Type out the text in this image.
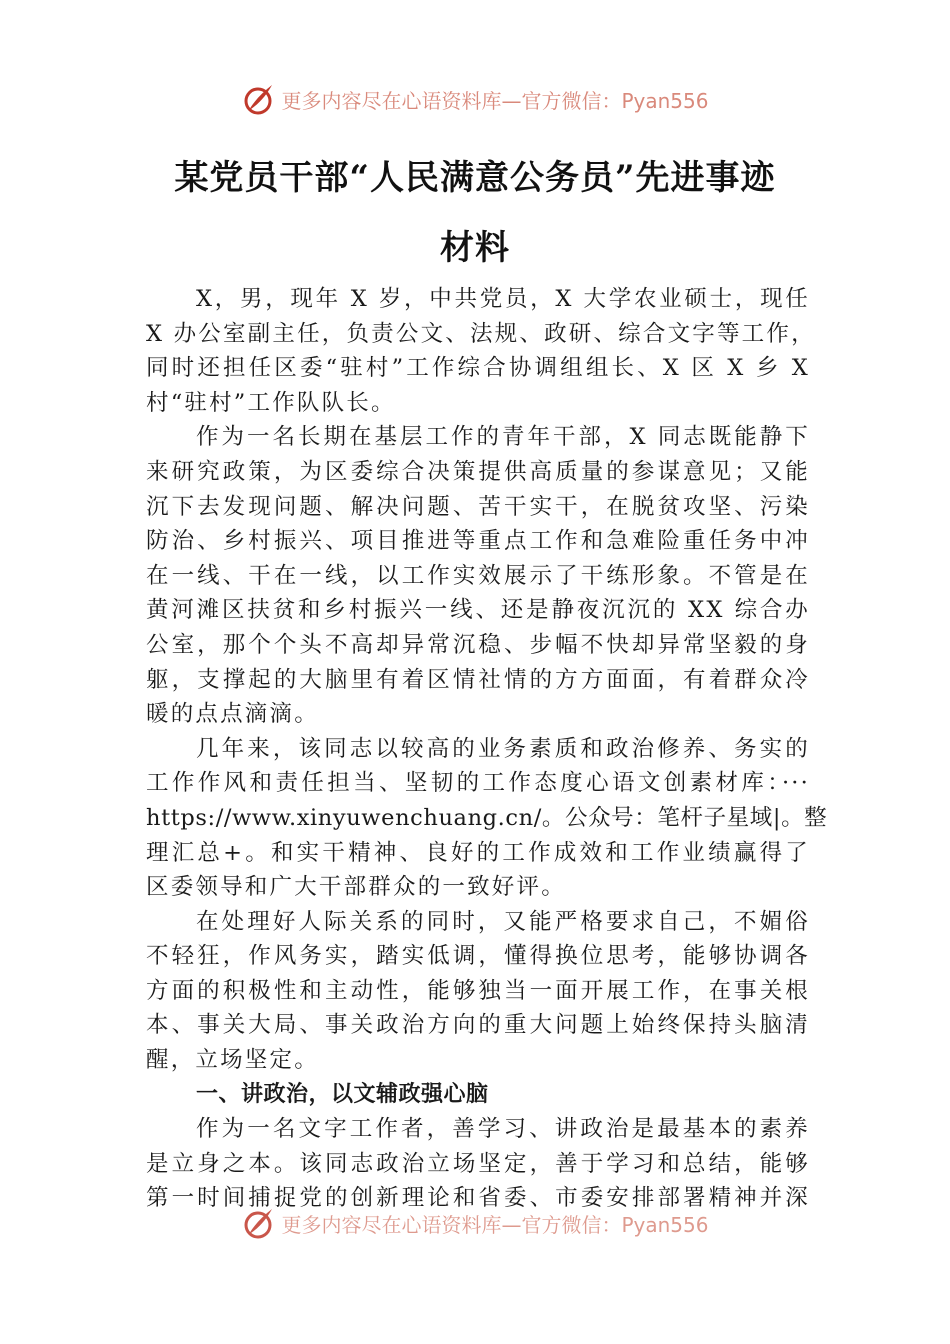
更多内容尽在心语资料库—官方微信：Pyan556
某党员干部“人民满意公务员”先进事迹
材料
X，男，现年 X 岁，中共党员，X 大学农业硕士，现任
X 办公室副主任，负责公文、法规、政研、综合文字等工作，
同时还担任区委“驻村”工作综合协调组组长、X 区 X 乡 X
村“驻村”工作队队长。
作为一名长期在基层工作的青年干部，X 同志既能静下
来研究政策，为区委综合决策提供高质量的参谋意见；又能
沉下去发现问题、解决问题、苦干实干，在脱贫攻坚、污染
防治、乡村振兴、项目推进等重点工作和急难险重任务中冲
在一线、干在一线，以工作实效展示了干练形象。不管是在
黄河滩区扶贫和乡村振兴一线、还是静夜沉沉的 XX 综合办
公室，那个个头不高却异常沉稳、步幅不快却异常坚毅的身
躯，支撑起的大脑里有着区情社情的方方面面，有着群众冷
暖的点点滴滴。
几年来，该同志以较高的业务素质和政治修养、务实的
工作作风和责任担当、坚韧的工作态度心语文创素材库：···
https://www.xinyuwenchuang.cn/。公众号：笔杆子星域|。整
理汇总+。和实干精神、良好的工作成效和工作业绩赢得了
区委领导和广大干部群众的一致好评。
在处理好人际关系的同时，又能严格要求自己，不媚俗
不轻狂，作风务实，踏实低调，懂得换位思考，能够协调各
方面的积极性和主动性，能够独当一面开展工作，在事关根
本、事关大局、事关政治方向的重大问题上始终保持头脑清
醒，立场坚定。
一、讲政治，以文辅政强心脑
作为一名文字工作者，善学习、讲政治是最基本的素养
是立身之本。该同志政治立场坚定，善于学习和总结，能够
第一时间捕捉党的创新理论和省委、市委安排部署精神并深
更多内容尽在心语资料库—官方微信：Pyan556
